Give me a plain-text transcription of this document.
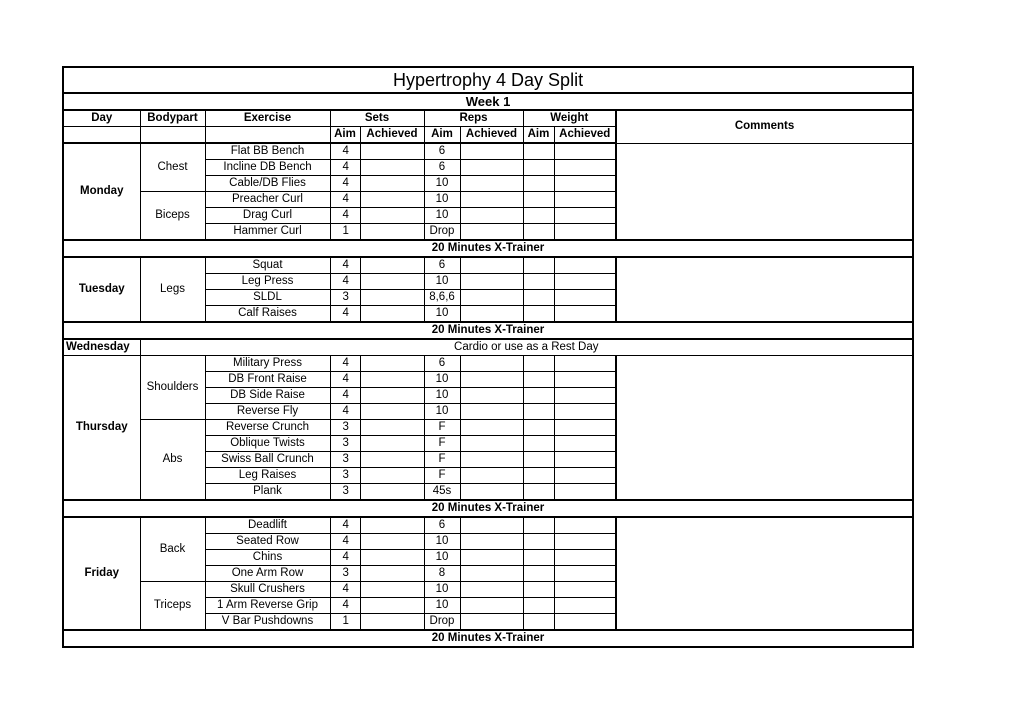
Hypertrophy 4 Day Split									
Week 1									
Day	Bodypart	Exercise	Sets		Reps		Weight		Comments
			Aim	Achieved	Aim	Achieved	Aim	Achieved	
Monday	Chest	Flat BB Bench	4		6				
		Incline DB Bench	4		6				
		Cable/DB Flies	4		10				
	Biceps	Preacher Curl	4		10				
		Drag Curl	4		10				
		Hammer Curl	1		Drop				
20 Minutes X-Trainer									
Tuesday	Legs	Squat	4		6				
		Leg Press	4		10				
		SLDL	3		8,6,6				
		Calf Raises	4		10				
20 Minutes X-Trainer									
Wednesday	Cardio or use as a Rest Day								
Thursday	Shoulders	Military Press	4		6				
		DB Front Raise	4		10				
		DB Side Raise	4		10				
		Reverse Fly	4		10				
	Abs	Reverse Crunch	3		F				
		Oblique Twists	3		F				
		Swiss Ball Crunch	3		F				
		Leg Raises	3		F				
		Plank	3		45s				
20 Minutes X-Trainer									
Friday	Back	Deadlift	4		6				
		Seated Row	4		10				
		Chins	4		10				
		One Arm Row	3		8				
	Triceps	Skull Crushers	4		10				
		1 Arm Reverse Grip	4		10				
		V Bar Pushdowns	1		Drop				
20 Minutes X-Trainer									
